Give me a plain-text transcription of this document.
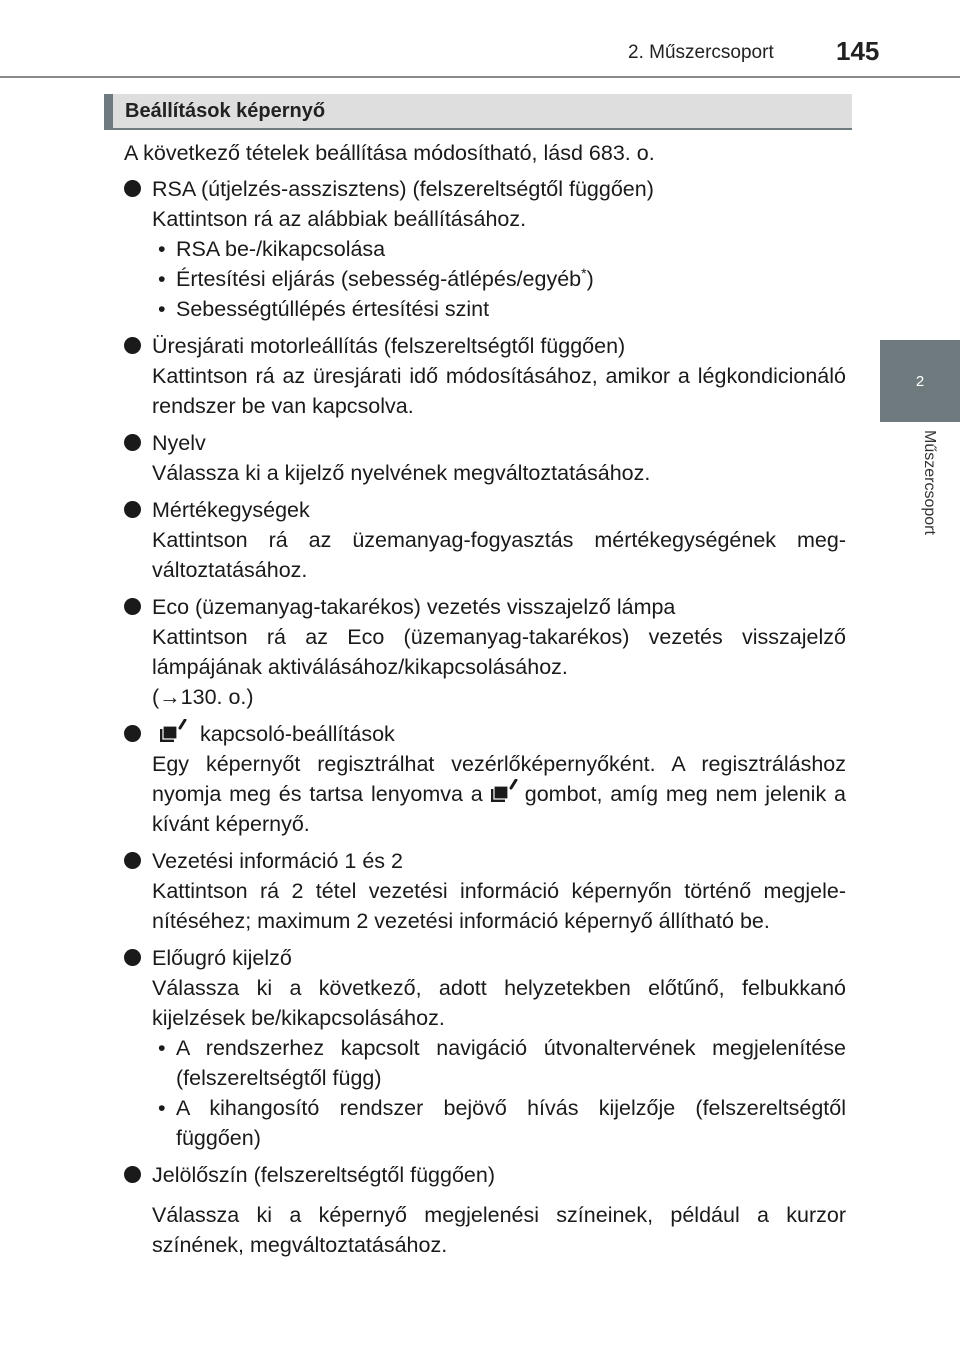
2. Műszercsoport 145
2
Műszercsoport
Beállítások képernyő
A következő tételek beállítása módosítható, lásd 683. o.
RSA (útjelzés-asszisztens) (felszereltségtől függően)
Kattintson rá az alábbiak beállításához.
• RSA be-/kikapcsolása
• Értesítési eljárás (sebesség-átlépés/egyéb*)
• Sebességtúllépés értesítési szint
Üresjárati motorleállítás (felszereltségtől függően)
Kattintson rá az üresjárati idő módosításához, amikor a légkondicionáló rendszer be van kapcsolva.
Nyelv
Válassza ki a kijelző nyelvének megváltoztatásához.
Mértékegységek
Kattintson rá az üzemanyag-fogyasztás mértékegységének megváltoztatásához.
Eco (üzemanyag-takarékos) vezetés visszajelző lámpa
Kattintson rá az Eco (üzemanyag-takarékos) vezetés visszajelző lámpájának aktiválásához/kikapcsolásához.
(→130. o.)
kapcsoló-beállítások
Egy képernyőt regisztrálhat vezérlőképernyőként. A regisztráláshoz nyomja meg és tartsa lenyomva a gombot, amíg meg nem jelenik a kívánt képernyő.
Vezetési információ 1 és 2
Kattintson rá 2 tétel vezetési információ képernyőn történő megjelenítéséhez; maximum 2 vezetési információ képernyő állítható be.
Előugró kijelző
Válassza ki a következő, adott helyzetekben előtűnő, felbukkanó kijelzések be/kikapcsolásához.
• A rendszerhez kapcsolt navigáció útvonaltervének megjelenítése (felszereltségtől függ)
• A kihangosító rendszer bejövő hívás kijelzője (felszereltségtől függően)
Jelölőszín (felszereltségtől függően)
Válassza ki a képernyő megjelenési színeinek, például a kurzor színének, megváltoztatásához.
